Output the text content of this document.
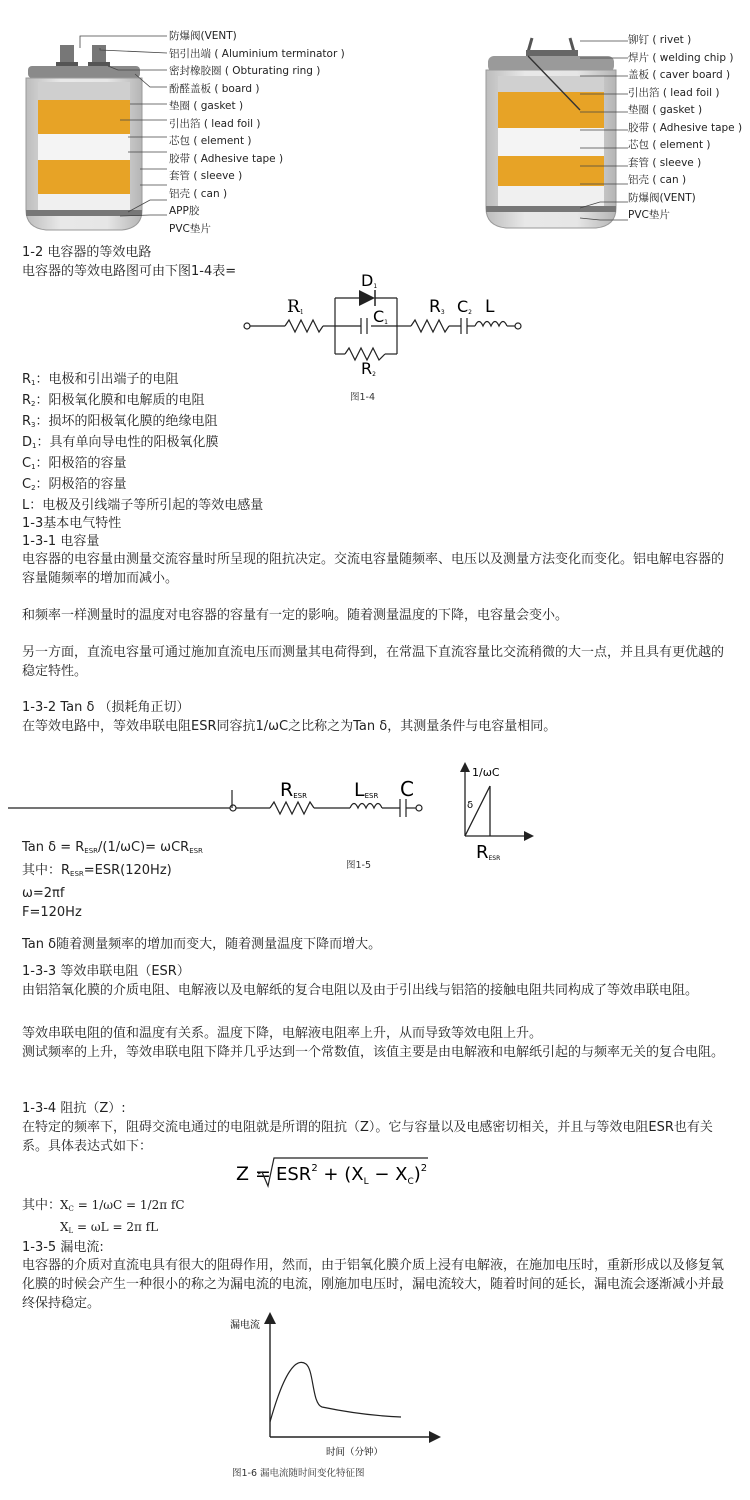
防爆阀(VENT)
铝引出端 ( Aluminium terminator )
密封橡胶圈 ( Obturating ring )
酚醛盖板 ( board )
垫圈 ( gasket )
引出箔 ( lead foil )
芯包 ( element )
胶带 ( Adhesive tape )
套管 ( sleeve )
铝壳 ( can )
APP胶
PVC垫片
铆钉 ( rivet )
焊片 ( welding chip )
盖板 ( caver board )
引出箔 ( lead foil )
垫圈 ( gasket )
胶带 ( Adhesive tape )
芯包 ( element )
套管 ( sleeve )
铝壳 ( can )
防爆阀(VENT)
PVC垫片
1-2 电容器的等效电路
电容器的等效电路图可由下图1-4表=
R1
D1
C1
R2
R3 C2 L
图1-4
$R_1$：电极和引出端子的电阻
$R_2$：阳极氧化膜和电解质的电阻
$R_3$：损坏的阳极氧化膜的绝缘电阻
$D_1$：具有单向导电性的阳极氧化膜
$C_1$：阳极箔的容量
$C_2$：阴极箔的容量
L：电极及引线端子等所引起的等效电感量
1-3基本电气特性
1-3-1 电容量
电容器的电容量由测量交流容量时所呈现的阻抗决定。交流电容量随频率、电压以及测量方法变化而变化。铝电解电容器的容量随频率的增加而减小。
和频率一样测量时的温度对电容器的容量有一定的影响。随着测量温度的下降，电容量会变小。
另一方面，直流电容量可通过施加直流电压而测量其电荷得到，在常温下直流容量比交流稍微的大一点，并且具有更优越的稳定特性。
1-3-2 Tan δ （损耗角正切）
在等效电路中，等效串联电阻ESR同容抗1/ωC之比称之为Tan δ，其测量条件与电容量相同。
RESR LESR C
1/ωC
δ
RESR
Tan $\delta = R_{ESR}/(1/\omega C)= \omega CR_{ESR}$
其中：$R_{ESR}=ESR(120Hz)$
ω=2πf
F=120Hz
图1-5
Tan δ随着测量频率的增加而变大，随着测量温度下降而增大。
1-3-3 等效串联电阻（ESR）
由铝箔氧化膜的介质电阻、电解液以及电解纸的复合电阻以及由于引出线与铝箔的接触电阻共同构成了等效串联电阻。
等效串联电阻的值和温度有关系。温度下降，电解液电阻率上升，从而导致等效电阻上升。
测试频率的上升，等效串联电阻下降并几乎达到一个常数值，该值主要是由电解液和电解纸引起的与频率无关的复合电阻。
1-3-4 阻抗（Z）:
在特定的频率下，阻碍交流电通过的电阻就是所谓的阻抗（Z）。它与容量以及电感密切相关，并且与等效电阻ESR也有关系。具体表达式如下：
$Z = ESR^2 + (X_L - X_C)^2$
其中：
$X_C = 1/\omega C = 1/2\pi$ fC
$X_L = \omega L = 2\pi$ fL
1-3-5 漏电流:
电容器的介质对直流电具有很大的阻碍作用，然而，由于铝氧化膜介质上浸有电解液，在施加电压时，重新形成以及修复氧化膜的时候会产生一种很小的称之为漏电流的电流，刚施加电压时，漏电流较大，随着时间的延长，漏电流会逐渐减小并最终保持稳定。
漏电流
时间（分钟）
图1-6 漏电流随时间变化特征图
